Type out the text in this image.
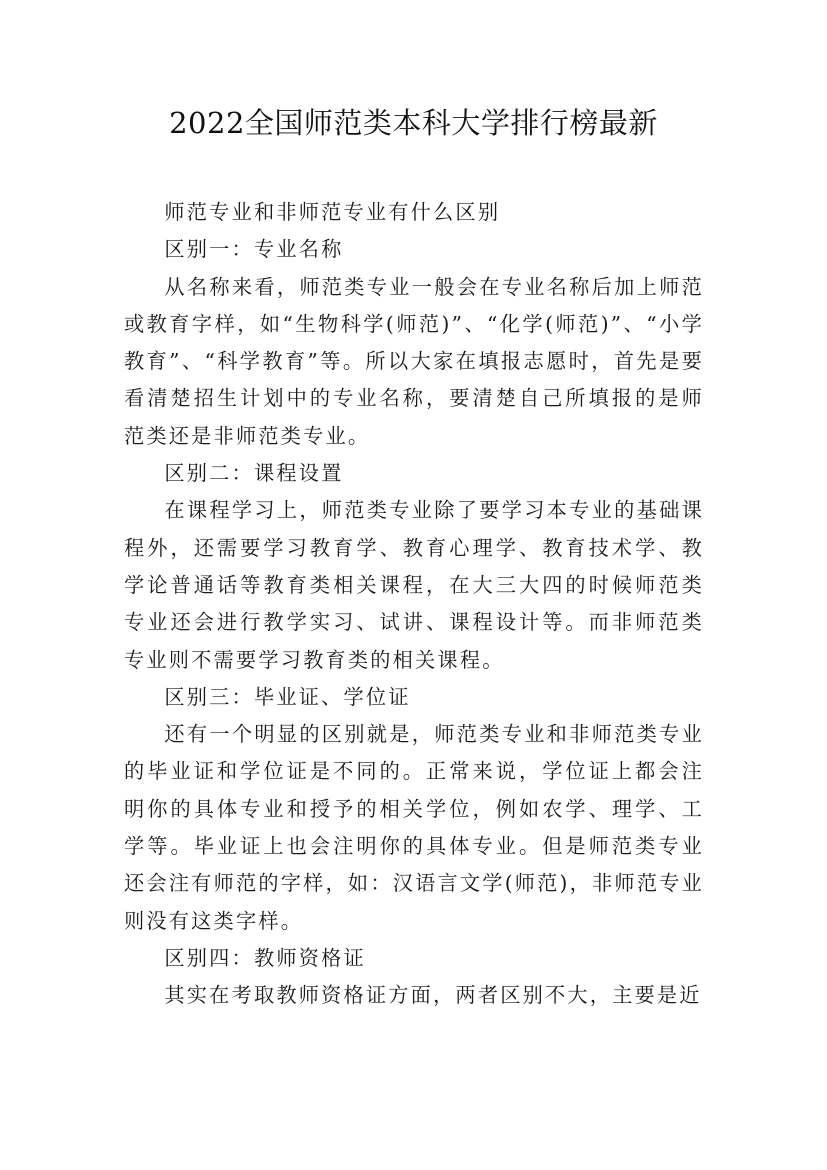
2022全国师范类本科大学排行榜最新

师范专业和非师范专业有什么区别

区别一：专业名称

从名称来看，师范类专业一般会在专业名称后加上师范或教育字样，如“生物科学(师范)”、“化学(师范)”、“小学教育”、“科学教育”等。所以大家在填报志愿时，首先是要看清楚招生计划中的专业名称，要清楚自己所填报的是师范类还是非师范类专业。

区别二：课程设置

在课程学习上，师范类专业除了要学习本专业的基础课程外，还需要学习教育学、教育心理学、教育技术学、教学论普通话等教育类相关课程，在大三大四的时候师范类专业还会进行教学实习、试讲、课程设计等。而非师范类专业则不需要学习教育类的相关课程。

区别三：毕业证、学位证

还有一个明显的区别就是，师范类专业和非师范类专业的毕业证和学位证是不同的。正常来说，学位证上都会注明你的具体专业和授予的相关学位，例如农学、理学、工学等。毕业证上也会注明你的具体专业。但是师范类专业还会注有师范的字样，如：汉语言文学(师范)，非师范专业则没有这类字样。

区别四：教师资格证

其实在考取教师资格证方面，两者区别不大，主要是近
